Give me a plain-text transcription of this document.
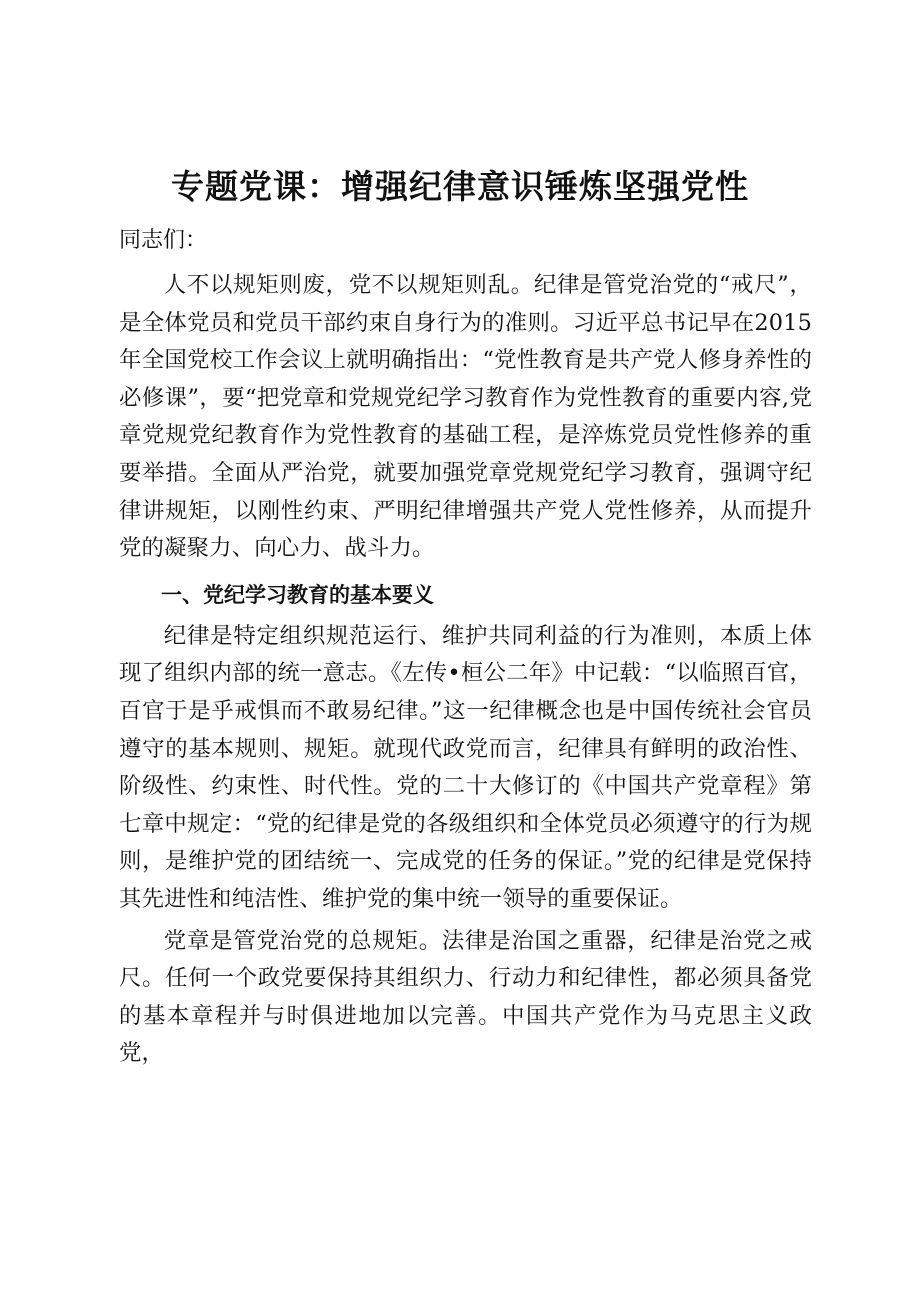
专题党课：增强纪律意识锤炼坚强党性

同志们：

人不以规矩则废，党不以规矩则乱。纪律是管党治党的“戒尺”，是全体党员和党员干部约束自身行为的准则。习近平总书记早在2015年全国党校工作会议上就明确指出：“党性教育是共产党人修身养性的必修课”，要“把党章和党规党纪学习教育作为党性教育的重要内容,党章党规党纪教育作为党性教育的基础工程，是淬炼党员党性修养的重要举措。全面从严治党，就要加强党章党规党纪学习教育，强调守纪律讲规矩，以刚性约束、严明纪律增强共产党人党性修养，从而提升党的凝聚力、向心力、战斗力。

一、党纪学习教育的基本要义

纪律是特定组织规范运行、维护共同利益的行为准则，本质上体现了组织内部的统一意志。《左传•桓公二年》中记载：“以临照百官，百官于是乎戒惧而不敢易纪律。”这一纪律概念也是中国传统社会官员遵守的基本规则、规矩。就现代政党而言，纪律具有鲜明的政治性、阶级性、约束性、时代性。党的二十大修订的《中国共产党章程》第七章中规定：“党的纪律是党的各级组织和全体党员必须遵守的行为规则，是维护党的团结统一、完成党的任务的保证。”党的纪律是党保持其先进性和纯洁性、维护党的集中统一领导的重要保证。

党章是管党治党的总规矩。法律是治国之重器，纪律是治党之戒尺。任何一个政党要保持其组织力、行动力和纪律性，都必须具备党的基本章程并与时俱进地加以完善。中国共产党作为马克思主义政党，
